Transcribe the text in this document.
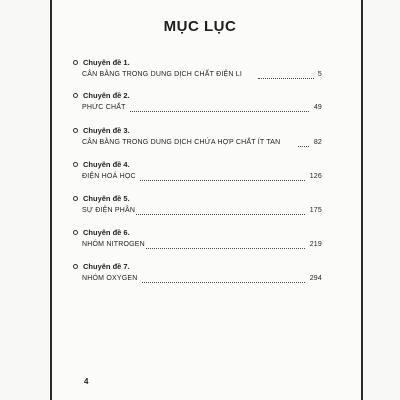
MỤC LỤC
Chuyên đề 1.
CÂN BẰNG TRONG DUNG DỊCH CHẤT ĐIỆN LI	5
Chuyên đề 2.
PHỨC CHẤT	49
Chuyên đề 3.
CÂN BẰNG TRONG DUNG DỊCH CHỨA HỢP CHẤT ÍT TAN	82
Chuyên đề 4.
ĐIỆN HOÁ HỌC	126
Chuyên đề 5.
SỰ ĐIỆN PHÂN	175
Chuyên đề 6.
NHÓM NITROGEN	219
Chuyên đề 7.
NHÓM OXYGEN	294
4
